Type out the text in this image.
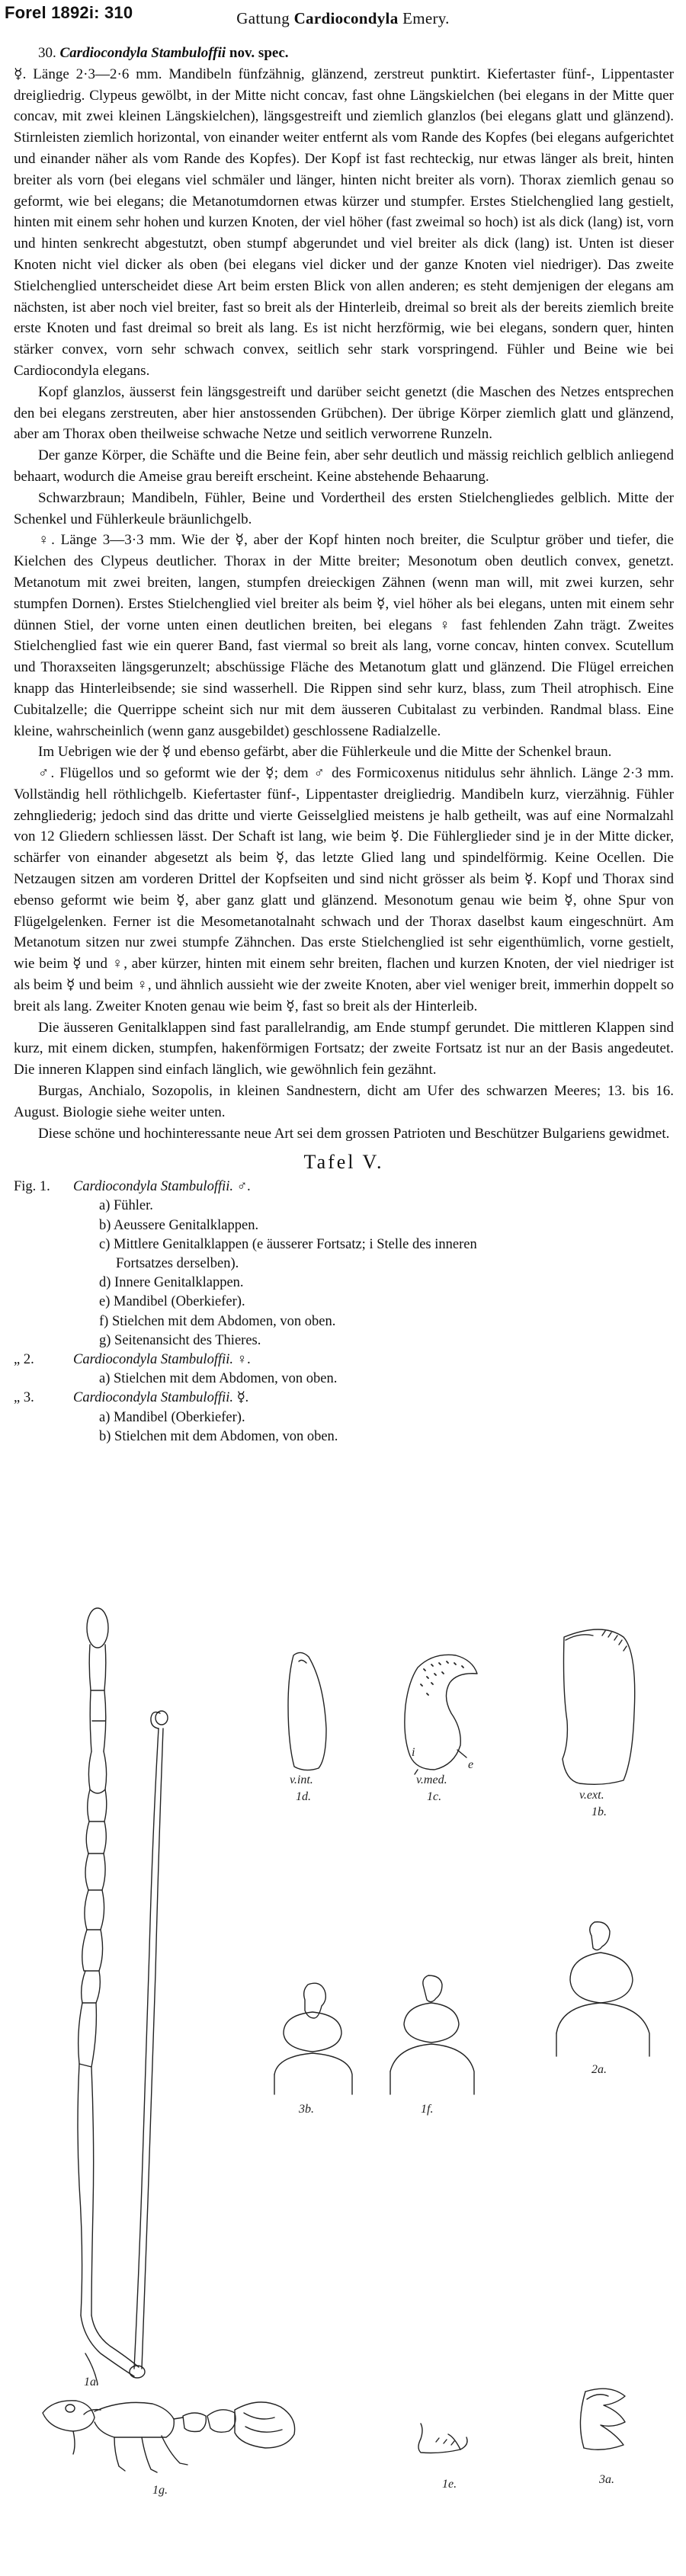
Forel 1892i: 310	Gattung Cardiocondyla Emery.

30. Cardiocondyla Stambuloffii nov. spec.

☿. Länge 2·3—2·6 mm. Mandibeln fünfzähnig, glänzend, zerstreut punktirt. Kiefertaster fünf-, Lippentaster dreigliedrig. Clypeus gewölbt, in der Mitte nicht concav, fast ohne Längskielchen (bei elegans in der Mitte quer concav, mit zwei kleinen Längskielchen), längsgestreift und ziemlich glanzlos (bei elegans glatt und glänzend). Stirnleisten ziemlich horizontal, von einander weiter entfernt als vom Rande des Kopfes (bei elegans aufgerichtet und einander näher als vom Rande des Kopfes). Der Kopf ist fast rechteckig, nur etwas länger als breit, hinten breiter als vorn (bei elegans viel schmäler und länger, hinten nicht breiter als vorn). Thorax ziemlich genau so geformt, wie bei elegans; die Metanotumdornen etwas kürzer und stumpfer. Erstes Stielchenglied lang gestielt, hinten mit einem sehr hohen und kurzen Knoten, der viel höher (fast zweimal so hoch) ist als dick (lang) ist, vorn und hinten senkrecht abgestutzt, oben stumpf abgerundet und viel breiter als dick (lang) ist. Unten ist dieser Knoten nicht viel dicker als oben (bei elegans viel dicker und der ganze Knoten viel niedriger). Das zweite Stielchenglied unterscheidet diese Art beim ersten Blick von allen anderen; es steht demjenigen der elegans am nächsten, ist aber noch viel breiter, fast so breit als der Hinterleib, dreimal so breit als der bereits ziemlich breite erste Knoten und fast dreimal so breit als lang. Es ist nicht herzförmig, wie bei elegans, sondern quer, hinten stärker convex, vorn sehr schwach convex, seitlich sehr stark vorspringend. Fühler und Beine wie bei Cardiocondyla elegans.

Kopf glanzlos, äusserst fein längsgestreift und darüber seicht genetzt (die Maschen des Netzes entsprechen den bei elegans zerstreuten, aber hier anstossenden Grübchen). Der übrige Körper ziemlich glatt und glänzend, aber am Thorax oben theilweise schwache Netze und seitlich verworrene Runzeln.

Der ganze Körper, die Schäfte und die Beine fein, aber sehr deutlich und mässig reichlich gelblich anliegend behaart, wodurch die Ameise grau bereift erscheint. Keine abstehende Behaarung.

Schwarzbraun; Mandibeln, Fühler, Beine und Vordertheil des ersten Stielchengliedes gelblich. Mitte der Schenkel und Fühlerkeule bräunlichgelb.

♀. Länge 3—3·3 mm. Wie der ☿, aber der Kopf hinten noch breiter, die Sculptur gröber und tiefer, die Kielchen des Clypeus deutlicher. Thorax in der Mitte breiter; Mesonotum oben deutlich convex, genetzt. Metanotum mit zwei breiten, langen, stumpfen dreieckigen Zähnen (wenn man will, mit zwei kurzen, sehr stumpfen Dornen). Erstes Stielchenglied viel breiter als beim ☿, viel höher als bei elegans, unten mit einem sehr dünnen Stiel, der vorne unten einen deutlichen breiten, bei elegans ♀ fast fehlenden Zahn trägt. Zweites Stielchenglied fast wie ein querer Band, fast viermal so breit als lang, vorne concav, hinten convex. Scutellum und Thoraxseiten längsgerunzelt; abschüssige Fläche des Metanotum glatt und glänzend. Die Flügel erreichen knapp das Hinterleibsende; sie sind wasserhell. Die Rippen sind sehr kurz, blass, zum Theil atrophisch. Eine Cubitalzelle; die Querrippe scheint sich nur mit dem äusseren Cubitalast zu verbinden. Randmal blass. Eine kleine, wahrscheinlich (wenn ganz ausgebildet) geschlossene Radialzelle.

Im Uebrigen wie der ☿ und ebenso gefärbt, aber die Fühlerkeule und die Mitte der Schenkel braun.

♂. Flügellos und so geformt wie der ☿; dem ♂ des Formicoxenus nitidulus sehr ähnlich. Länge 2·3 mm. Vollständig hell röthlichgelb. Kiefertaster fünf-, Lippentaster dreigliedrig. Mandibeln kurz, vierzähnig. Fühler zehngliederig; jedoch sind das dritte und vierte Geisselglied meistens je halb getheilt, was auf eine Normalzahl von 12 Gliedern schliessen lässt. Der Schaft ist lang, wie beim ☿. Die Fühlerglieder sind je in der Mitte dicker, schärfer von einander abgesetzt als beim ☿, das letzte Glied lang und spindelförmig. Keine Ocellen. Die Netzaugen sitzen am vorderen Drittel der Kopfseiten und sind nicht grösser als beim ☿. Kopf und Thorax sind ebenso geformt wie beim ☿, aber ganz glatt und glänzend. Mesonotum genau wie beim ☿, ohne Spur von Flügelgelenken. Ferner ist die Mesometanotalnaht schwach und der Thorax daselbst kaum eingeschnürt. Am Metanotum sitzen nur zwei stumpfe Zähnchen. Das erste Stielchenglied ist sehr eigenthümlich, vorne gestielt, wie beim ☿ und ♀, aber kürzer, hinten mit einem sehr breiten, flachen und kurzen Knoten, der viel niedriger ist als beim ☿ und beim ♀, und ähnlich aussieht wie der zweite Knoten, aber viel weniger breit, immerhin doppelt so breit als lang. Zweiter Knoten genau wie beim ☿, fast so breit als der Hinterleib.

Die äusseren Genitalklappen sind fast parallelrandig, am Ende stumpf gerundet. Die mittleren Klappen sind kurz, mit einem dicken, stumpfen, hakenförmigen Fortsatz; der zweite Fortsatz ist nur an der Basis angedeutet. Die inneren Klappen sind einfach länglich, wie gewöhnlich fein gezähnt.

Burgas, Anchialo, Sozopolis, in kleinen Sandnestern, dicht am Ufer des schwarzen Meeres; 13. bis 16. August. Biologie siehe weiter unten.

Diese schöne und hochinteressante neue Art sei dem grossen Patrioten und Beschützer Bulgariens gewidmet.

Tafel V.
Fig. 1.	Cardiocondyla Stambuloffii. ♂.
a) Fühler.
b) Aeussere Genitalklappen.
c) Mittlere Genitalklappen (e äusserer Fortsatz; i Stelle des inneren
Fortsatzes derselben).
d) Innere Genitalklappen.
e) Mandibel (Oberkiefer).
f) Stielchen mit dem Abdomen, von oben.
g) Seitenansicht des Thieres.
„ 2.	Cardiocondyla Stambuloffii. ♀.
a) Stielchen mit dem Abdomen, von oben.
„ 3.	Cardiocondyla Stambuloffii. ☿.
a) Mandibel (Oberkiefer).
b) Stielchen mit dem Abdomen, von oben.
v.int.
1d.
v.med.
e
i
1c.	v.ext.
1b.
1a.
3b.	1f.
2a.
1g.	1e.	3a.
